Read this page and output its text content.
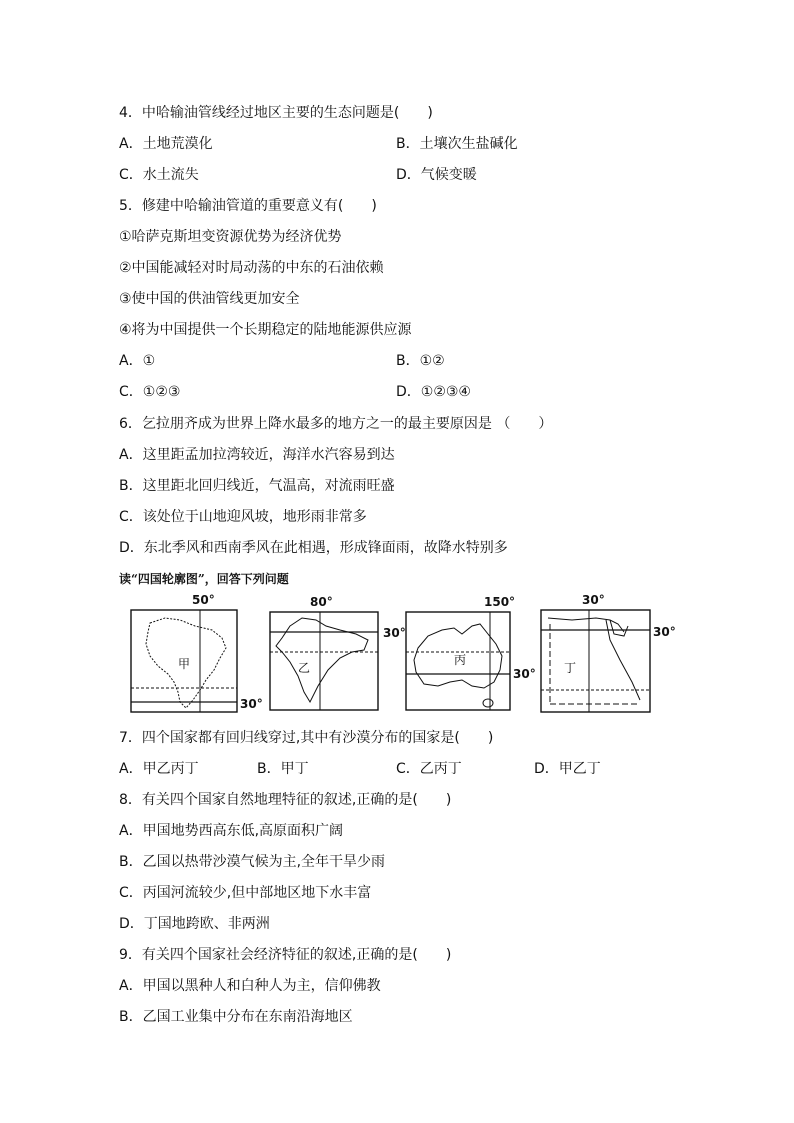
4．中哈输油管线经过地区主要的生态问题是(　　)
A．土地荒漠化	B．土壤次生盐碱化
C．水土流失	D．气候变暖
5．修建中哈输油管道的重要意义有(　　)
①哈萨克斯坦变资源优势为经济优势
②中国能减轻对时局动荡的中东的石油依赖
③使中国的供油管线更加安全
④将为中国提供一个长期稳定的陆地能源供应源
A．①	B．①②
C．①②③	D．①②③④
6．乞拉朋齐成为世界上降水最多的地方之一的最主要原因是 （　　）
A．这里距孟加拉湾较近，海洋水汽容易到达
B．这里距北回归线近，气温高，对流雨旺盛
C．该处位于山地迎风坡，地形雨非常多
D．东北季风和西南季风在此相遇，形成锋面雨，故降水特别多
读“四国轮廓图”，回答下列问题
50°
30°
甲
80°
30°
乙
150°
30°
丙
30°
30°
丁
7．四个国家都有回归线穿过,其中有沙漠分布的国家是(　　)
A．甲乙丙丁	B．甲丁	C．乙丙丁	D．甲乙丁
8．有关四个国家自然地理特征的叙述,正确的是(　　)
A．甲国地势西高东低,高原面积广阔
B．乙国以热带沙漠气候为主,全年干旱少雨
C．丙国河流较少,但中部地区地下水丰富
D．丁国地跨欧、非两洲
9．有关四个国家社会经济特征的叙述,正确的是(　　)
A．甲国以黑种人和白种人为主，信仰佛教
B．乙国工业集中分布在东南沿海地区
